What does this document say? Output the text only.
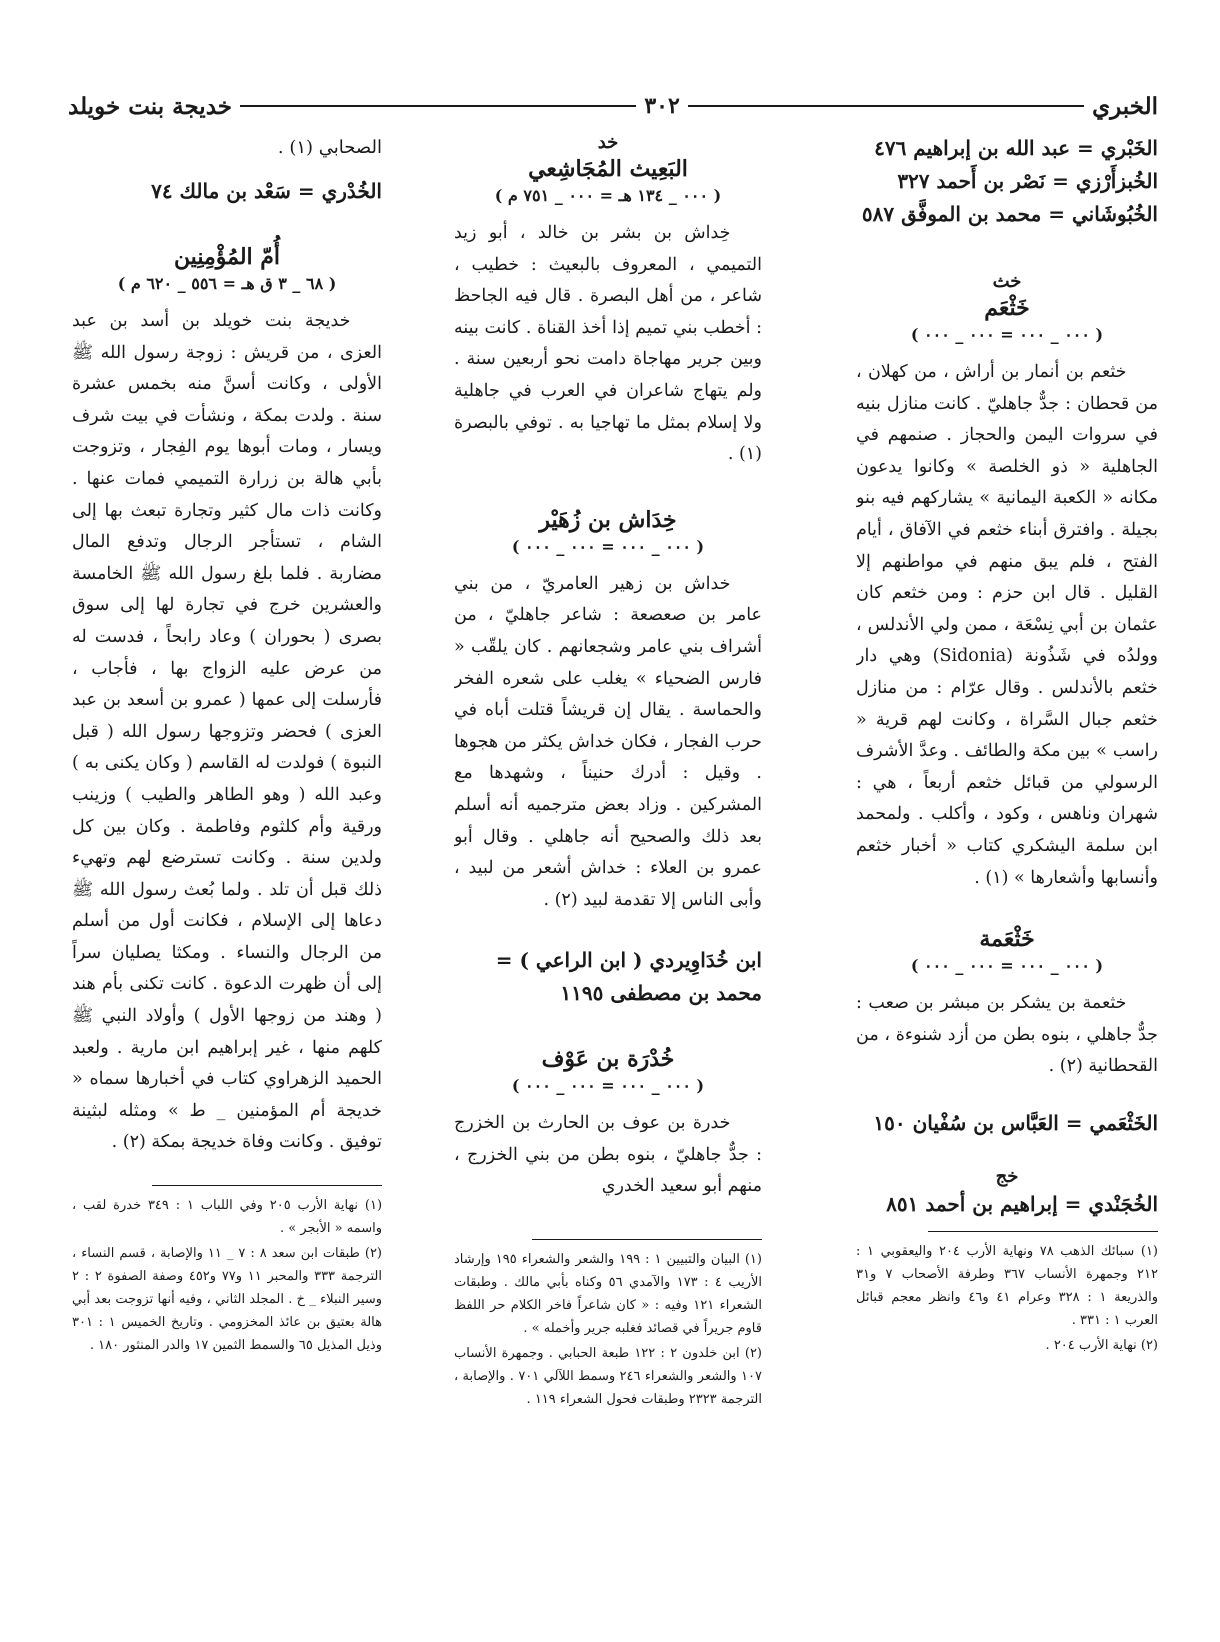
الخبري
٣٠٢
خديجة بنت خويلد

الخَبْري = عبد الله بن إبراهيم ٤٧٦

الخُبزأَرْزي = نَصْر بن أَحمد ٣٢٧

الخُبُوشَاني = محمد بن الموفَّق ٥٨٧

خث

خَثْعَم

( ٠٠٠ _ ٠٠٠ = ٠٠٠ _ ٠٠٠ )

خثعم بن أنمار بن أراش ، من كهلان ، من قحطان : جدٌّ جاهليّ . كانت منازل بنيه في سروات اليمن والحجاز . صنمهم في الجاهلية « ذو الخلصة » وكانوا يدعون مكانه « الكعبة اليمانية » يشاركهم فيه بنو بجيلة . وافترق أبناء خثعم في الآفاق ، أيام الفتح ، فلم يبق منهم في مواطنهم إلا القليل . قال ابن حزم : ومن خثعم كان عثمان بن أبي نِسْعَة ، ممن ولي الأندلس ، وولدُه في شَذُونة (Sidonia) وهي دار خثعم بالأندلس . وقال عرّام : من منازل خثعم جبال السَّراة ، وكانت لهم قرية « راسب » بين مكة والطائف . وعدَّ الأشرف الرسولي من قبائل خثعم أربعاً ، هي : شهران وناهس ، وكود ، وأكلب . ولمحمد ابن سلمة اليشكري كتاب « أخبار خثعم وأنسابها وأشعارها » (١) .

خَثْعَمة

( ٠٠٠ _ ٠٠٠ = ٠٠٠ _ ٠٠٠ )

خثعمة بن يشكر بن مبشر بن صعب : جدٌّ جاهلي ، بنوه بطن من أزد شنوءة ، من القحطانية (٢) .

الخَثْعَمي = العَبَّاس بن سُفْيان ١٥٠

خج

الخُجَنْدي = إبراهيم بن أحمد ٨٥١

(١) سبائك الذهب ٧٨ ونهاية الأرب ٢٠٤ واليعقوبي ١ : ٢١٢ وجمهرة الأنساب ٣٦٧ وطرفة الأصحاب ٧ و٣١ والذريعة ١ : ٣٢٨ وعرام ٤١ و٤٦ وانظر معجم قبائل العرب ١ : ٣٣١ .

(٢) نهاية الأرب ٢٠٤ .

خد

البَعِيث المُجَاشِعي

( ٠٠٠ _ ١٣٤ هـ = ٠٠٠ _ ٧٥١ م )

خِداش بن بشر بن خالد ، أبو زيد التميمي ، المعروف بالبعيث : خطيب ، شاعر ، من أهل البصرة . قال فيه الجاحظ : أخطب بني تميم إذا أخذ القناة . كانت بينه وبين جرير مهاجاة دامت نحو أربعين سنة . ولم يتهاج شاعران في العرب في جاهلية ولا إسلام بمثل ما تهاجيا به . توفي بالبصرة (١) .

خِدَاش بن زُهَيْر

( ٠٠٠ _ ٠٠٠ = ٠٠٠ _ ٠٠٠ )

خداش بن زهير العامريّ ، من بني عامر بن صعصعة : شاعر جاهليّ ، من أشراف بني عامر وشجعانهم . كان يلقّب « فارس الضحياء » يغلب على شعره الفخر والحماسة . يقال إن قريشاً قتلت أباه في حرب الفجار ، فكان خداش يكثر من هجوها . وقيل : أدرك حنيناً ، وشهدها مع المشركين . وزاد بعض مترجميه أنه أسلم بعد ذلك والصحيح أنه جاهلي . وقال أبو عمرو بن العلاء : خداش أشعر من لبيد ، وأبى الناس إلا تقدمة لبيد (٢) .

ابن خُدَاوِيردي ( ابن الراعي ) = محمد بن مصطفى ١١٩٥

خُدْرَة بن عَوْف

( ٠٠٠ _ ٠٠٠ = ٠٠٠ _ ٠٠٠ )

خدرة بن عوف بن الحارث بن الخزرج : جدٌّ جاهليّ ، بنوه بطن من بني الخزرج ، منهم أبو سعيد الخدري

(١) البيان والتبيين ١ : ١٩٩ والشعر والشعراء ١٩٥ وإرشاد الأريب ٤ : ١٧٣ والآمدي ٥٦ وكناه بأبي مالك . وطبقات الشعراء ١٢١ وفيه : « كان شاعراً فاخر الكلام حر اللفظ قاوم جريراً في قصائد فغلبه جرير وأخمله » .

(٢) ابن خلدون ٢ : ١٢٢ طبعة الحبابي . وجمهرة الأنساب ١٠٧ والشعر والشعراء ٢٤٦ وسمط اللآلي ٧٠١ . والإصابة ، الترجمة ٢٣٢٣ وطبقات فحول الشعراء ١١٩ .

الصحابي (١) .

الخُدْري = سَعْد بن مالك ٧٤

أُمّ المُؤْمِنِين

( ٦٨ _ ٣ ق هـ = ٥٥٦ _ ٦٢٠ م )

خديجة بنت خويلد بن أسد بن عبد العزى ، من قريش : زوجة رسول الله ﷺ الأولى ، وكانت أسنَّ منه بخمس عشرة سنة . ولدت بمكة ، ونشأت في بيت شرف ويسار ، ومات أبوها يوم الفِجار ، وتزوجت بأبي هالة بن زرارة التميمي فمات عنها . وكانت ذات مال كثير وتجارة تبعث بها إلى الشام ، تستأجر الرجال وتدفع المال مضاربة . فلما بلغ رسول الله ﷺ الخامسة والعشرين خرج في تجارة لها إلى سوق بصرى ( بحوران ) وعاد رابحاً ، فدست له من عرض عليه الزواج بها ، فأجاب ، فأرسلت إلى عمها ( عمرو بن أسعد بن عبد العزى ) فحضر وتزوجها رسول الله ( قبل النبوة ) فولدت له القاسم ( وكان يكنى به ) وعبد الله ( وهو الطاهر والطيب ) وزينب ورقية وأم كلثوم وفاطمة . وكان بين كل ولدين سنة . وكانت تسترضع لهم وتهيء ذلك قبل أن تلد . ولما بُعث رسول الله ﷺ دعاها إلى الإسلام ، فكانت أول من أسلم من الرجال والنساء . ومكثا يصليان سراً إلى أن ظهرت الدعوة . كانت تكنى بأم هند ( وهند من زوجها الأول ) وأولاد النبي ﷺ كلهم منها ، غير إبراهيم ابن مارية . ولعبد الحميد الزهراوي كتاب في أخبارها سماه « خديجة أم المؤمنين _ ط » ومثله لبثينة توفيق . وكانت وفاة خديجة بمكة (٢) .

(١) نهاية الأرب ٢٠٥ وفي اللباب ١ : ٣٤٩ خدرة لقب ، واسمه « الأبجر » .

(٢) طبقات ابن سعد ٨ : ٧ _ ١١ والإصابة ، قسم النساء ، الترجمة ٣٣٣ والمحبر ١١ و٧٧ و٤٥٢ وصفة الصفوة ٢ : ٢ وسير النبلاء _ خ . المجلد الثاني ، وفيه أنها تزوجت بعد أبي هالة بعتيق بن عائذ المخزومي . وتاريخ الخميس ١ : ٣٠١ وذيل المذيل ٦٥ والسمط الثمين ١٧ والدر المنثور ١٨٠ .
